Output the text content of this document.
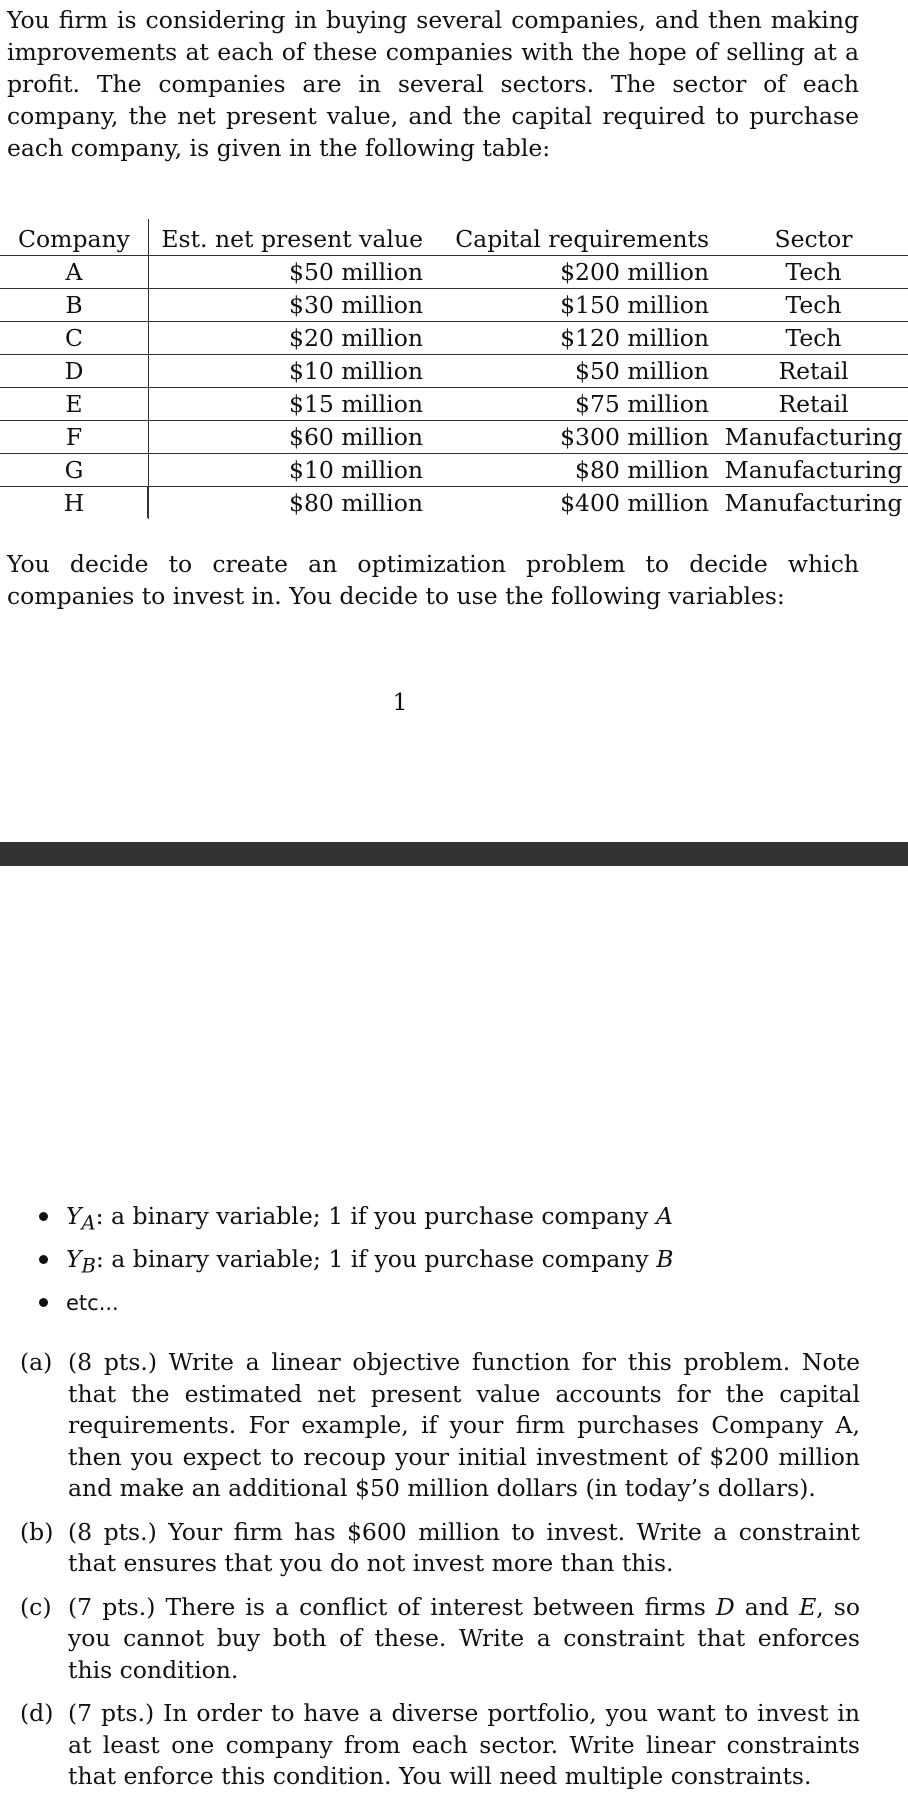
You firm is considering in buying several companies, and then making improvements at each of these companies with the hope of selling at a profit. The companies are in several sectors. The sector of each company, the net present value, and the capital required to purchase each company, is given in the following table:

Company	Est. net present value	Capital requirements	Sector
A	$50 million	$200 million	Tech
B	$30 million	$150 million	Tech
C	$20 million	$120 million	Tech
D	$10 million	$50 million	Retail
E	$15 million	$75 million	Retail
F	$60 million	$300 million	Manufacturing
G	$10 million	$80 million	Manufacturing
H	$80 million	$400 million	Manufacturing

You decide to create an optimization problem to decide which companies to invest in. You decide to use the following variables:

1
$Y_A$: a binary variable; 1 if you purchase company A
$Y_B$: a binary variable; 1 if you purchase company B
etc...
(a) (8 pts.) Write a linear objective function for this problem. Note that the estimated net present value accounts for the capital requirements. For example, if your firm purchases Company A, then you expect to recoup your initial investment of $200 million and make an additional $50 million dollars (in today’s dollars).
(b) (8 pts.) Your firm has $600 million to invest. Write a constraint that ensures that you do not invest more than this.
(c) (7 pts.) There is a conflict of interest between firms D and E, so you cannot buy both of these. Write a constraint that enforces this condition.
(d) (7 pts.) In order to have a diverse portfolio, you want to invest in at least one company from each sector. Write linear constraints that enforce this condition. You will need multiple constraints.
